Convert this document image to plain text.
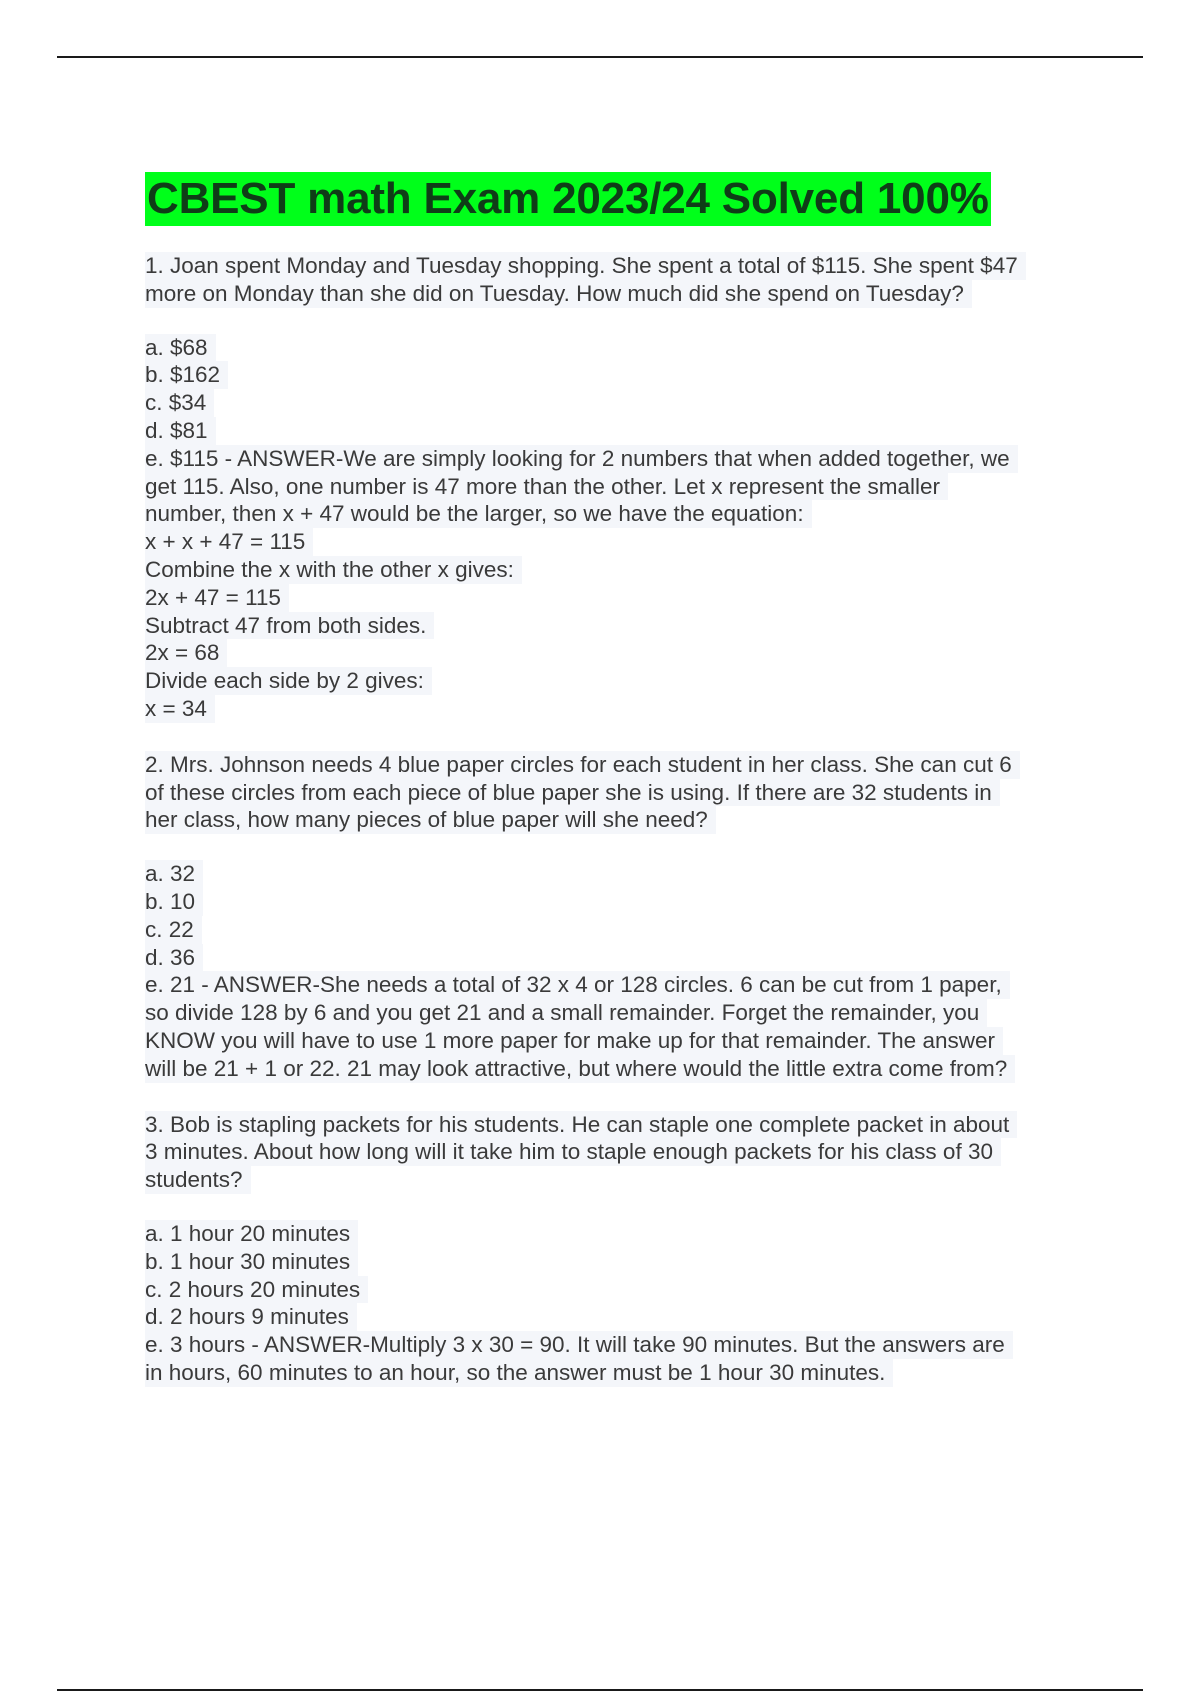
CBEST math Exam 2023/24 Solved 100%

1. Joan spent Monday and Tuesday shopping. She spent a total of $115. She spent $47

more on Monday than she did on Tuesday. How much did she spend on Tuesday?

a. $68

b. $162

c. $34

d. $81

e. $115 - ANSWER-We are simply looking for 2 numbers that when added together, we

get 115. Also, one number is 47 more than the other. Let x represent the smaller

number, then x + 47 would be the larger, so we have the equation:

x + x + 47 = 115

Combine the x with the other x gives:

2x + 47 = 115

Subtract 47 from both sides.

2x = 68

Divide each side by 2 gives:

x = 34

2. Mrs. Johnson needs 4 blue paper circles for each student in her class. She can cut 6

of these circles from each piece of blue paper she is using. If there are 32 students in

her class, how many pieces of blue paper will she need?

a. 32

b. 10

c. 22

d. 36

e. 21 - ANSWER-She needs a total of 32 x 4 or 128 circles. 6 can be cut from 1 paper,

so divide 128 by 6 and you get 21 and a small remainder. Forget the remainder, you

KNOW you will have to use 1 more paper for make up for that remainder. The answer

will be 21 + 1 or 22. 21 may look attractive, but where would the little extra come from?

3. Bob is stapling packets for his students. He can staple one complete packet in about

3 minutes. About how long will it take him to staple enough packets for his class of 30

students?

a. 1 hour 20 minutes

b. 1 hour 30 minutes

c. 2 hours 20 minutes

d. 2 hours 9 minutes

e. 3 hours - ANSWER-Multiply 3 x 30 = 90. It will take 90 minutes. But the answers are

in hours, 60 minutes to an hour, so the answer must be 1 hour 30 minutes.
